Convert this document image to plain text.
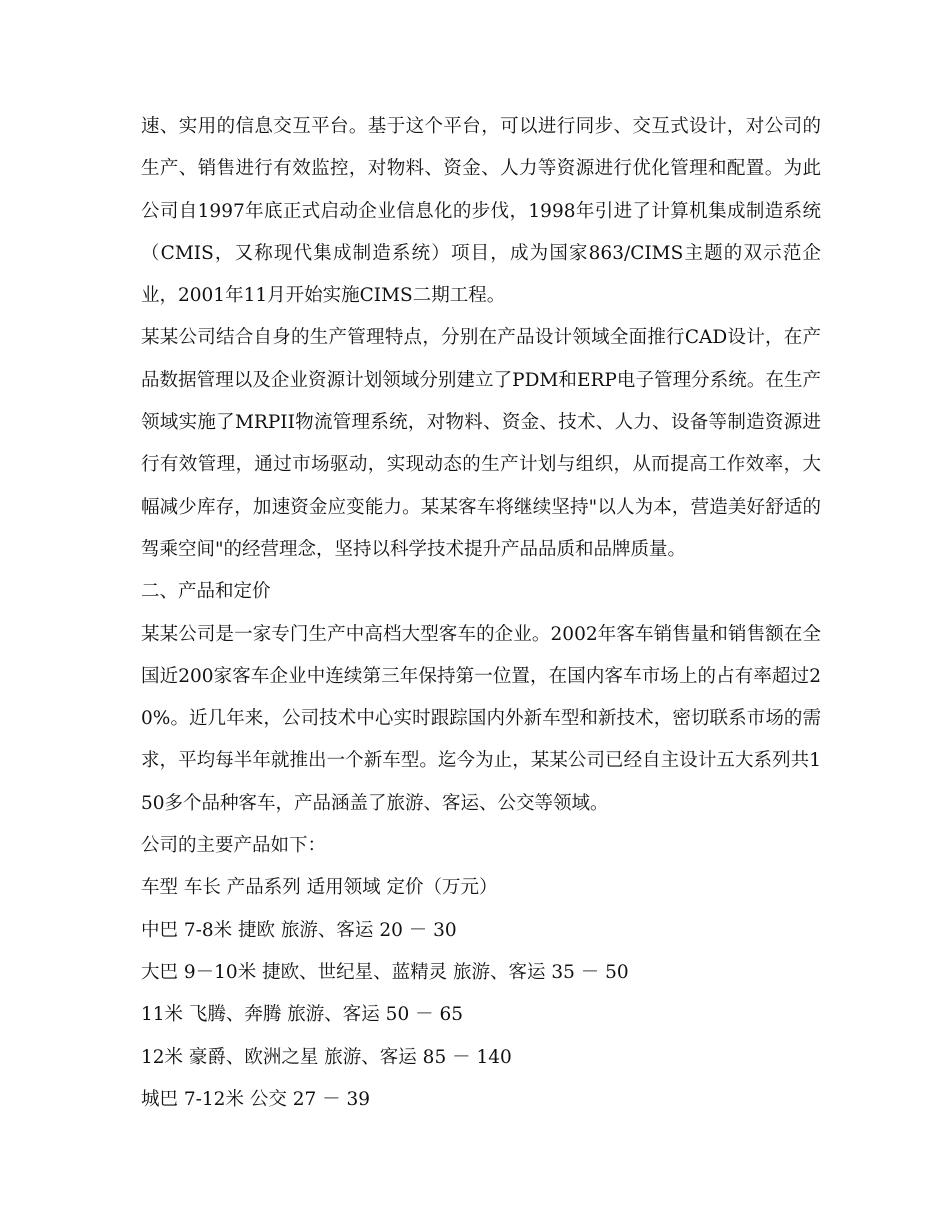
速、实用的信息交互平台。基于这个平台，可以进行同步、交互式设计，对公司的生产、销售进行有效监控，对物料、资金、人力等资源进行优化管理和配置。为此公司自1997年底正式启动企业信息化的步伐，1998年引进了计算机集成制造系统（CMIS，又称现代集成制造系统）项目，成为国家863/CIMS主题的双示范企业，2001年11月开始实施CIMS二期工程。

某某公司结合自身的生产管理特点，分别在产品设计领域全面推行CAD设计，在产品数据管理以及企业资源计划领域分别建立了PDM和ERP电子管理分系统。在生产领域实施了MRPII物流管理系统，对物料、资金、技术、人力、设备等制造资源进行有效管理，通过市场驱动，实现动态的生产计划与组织，从而提高工作效率，大幅减少库存，加速资金应变能力。某某客车将继续坚持"以人为本，营造美好舒适的驾乘空间"的经营理念，坚持以科学技术提升产品品质和品牌质量。

二、产品和定价

某某公司是一家专门生产中高档大型客车的企业。2002年客车销售量和销售额在全国近200家客车企业中连续第三年保持第一位置，在国内客车市场上的占有率超过20%。近几年来，公司技术中心实时跟踪国内外新车型和新技术，密切联系市场的需求，平均每半年就推出一个新车型。迄今为止，某某公司已经自主设计五大系列共150多个品种客车，产品涵盖了旅游、客运、公交等领域。

公司的主要产品如下：

车型 车长 产品系列 适用领域 定价（万元）

中巴 7-8米 捷欧 旅游、客运 20 － 30

大巴 9－10米 捷欧、世纪星、蓝精灵 旅游、客运 35 － 50

11米 飞腾、奔腾 旅游、客运 50 － 65

12米 豪爵、欧洲之星 旅游、客运 85 － 140

城巴 7-12米 公交 27 － 39
